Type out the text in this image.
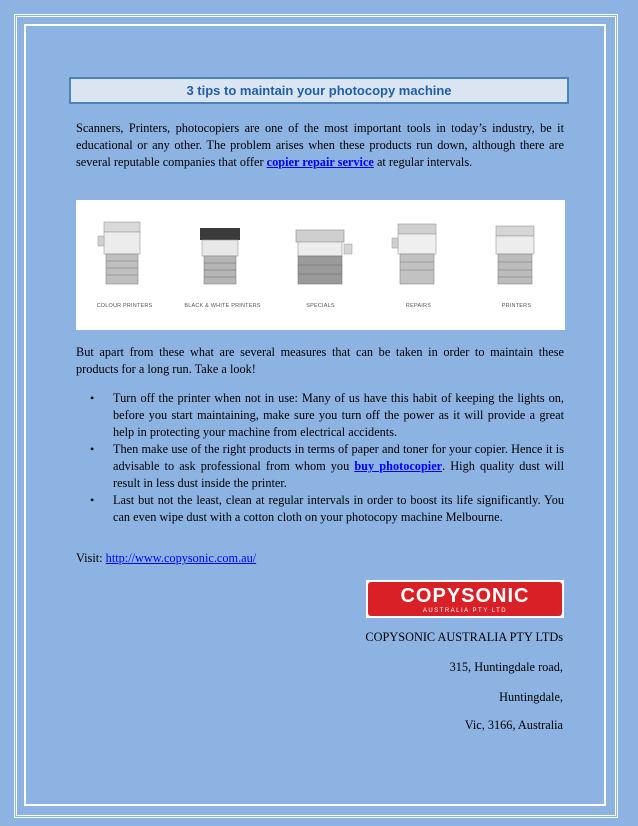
3 tips to maintain your photocopy machine
Scanners, Printers, photocopiers are one of the most important tools in today’s industry, be it educational or any other. The problem arises when these products run down, although there are several reputable companies that offer copier repair service at regular intervals.
COLOUR PRINTERS	BLACK & WHITE PRINTERS	SPECIALS	REPAIRS	PRINTERS
But apart from these what are several measures that can be taken in order to maintain these products for a long run. Take a look!
• Turn off the printer when not in use: Many of us have this habit of keeping the lights on, before you start maintaining, make sure you turn off the power as it will provide a great help in protecting your machine from electrical accidents.
• Then make use of the right products in terms of paper and toner for your copier. Hence it is advisable to ask professional from whom you buy photocopier. High quality dust will result in less dust inside the printer.
• Last but not the least, clean at regular intervals in order to boost its life significantly. You can even wipe dust with a cotton cloth on your photocopy machine Melbourne.
Visit: http://www.copysonic.com.au/
COPYSONIC
AUSTRALIA PTY LTD
COPYSONIC AUSTRALIA PTY LTDs
315, Huntingdale road,
Huntingdale,
Vic, 3166, Australia
